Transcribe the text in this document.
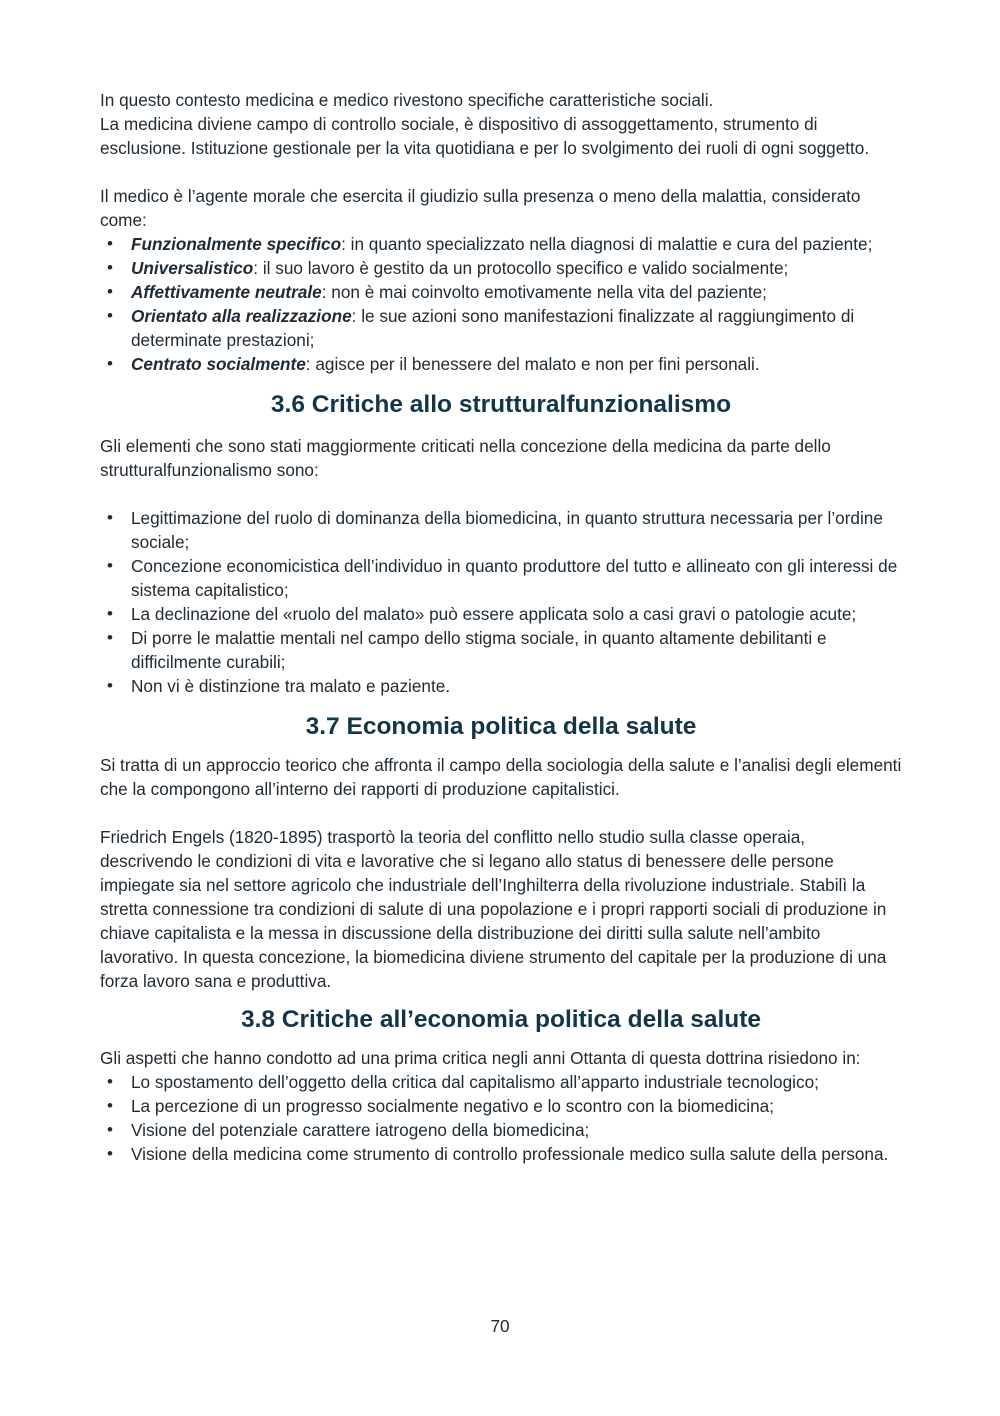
In questo contesto medicina e medico rivestono specifiche caratteristiche sociali.

La medicina diviene campo di controllo sociale, è dispositivo di assoggettamento, strumento di esclusione. Istituzione gestionale per la vita quotidiana e per lo svolgimento dei ruoli di ogni soggetto.

Il medico è l’agente morale che esercita il giudizio sulla presenza o meno della malattia, considerato come:

• Funzionalmente specifico: in quanto specializzato nella diagnosi di malattie e cura del paziente;
• Universalistico: il suo lavoro è gestito da un protocollo specifico e valido socialmente;
• Affettivamente neutrale: non è mai coinvolto emotivamente nella vita del paziente;
• Orientato alla realizzazione: le sue azioni sono manifestazioni finalizzate al raggiungimento di determinate prestazioni;
• Centrato socialmente: agisce per il benessere del malato e non per fini personali.
3.6 Critiche allo strutturalfunzionalismo

Gli elementi che sono stati maggiormente criticati nella concezione della medicina da parte dello strutturalfunzionalismo sono:

• Legittimazione del ruolo di dominanza della biomedicina, in quanto struttura necessaria per l’ordine sociale;
• Concezione economicistica dell’individuo in quanto produttore del tutto e allineato con gli interessi de sistema capitalistico;
• La declinazione del «ruolo del malato» può essere applicata solo a casi gravi o patologie acute;
• Di porre le malattie mentali nel campo dello stigma sociale, in quanto altamente debilitanti e difficilmente curabili;
• Non vi è distinzione tra malato e paziente.
3.7 Economia politica della salute

Si tratta di un approccio teorico che affronta il campo della sociologia della salute e l’analisi degli elementi che la compongono all’interno dei rapporti di produzione capitalistici.

Friedrich Engels (1820-1895) trasportò la teoria del conflitto nello studio sulla classe operaia, descrivendo le condizioni di vita e lavorative che si legano allo status di benessere delle persone impiegate sia nel settore agricolo che industriale dell’Inghilterra della rivoluzione industriale. Stabilì la stretta connessione tra condizioni di salute di una popolazione e i propri rapporti sociali di produzione in chiave capitalista e la messa in discussione della distribuzione dei diritti sulla salute nell’ambito lavorativo. In questa concezione, la biomedicina diviene strumento del capitale per la produzione di una forza lavoro sana e produttiva.

3.8 Critiche all’economia politica della salute

Gli aspetti che hanno condotto ad una prima critica negli anni Ottanta di questa dottrina risiedono in:

• Lo spostamento dell’oggetto della critica dal capitalismo all’apparto industriale tecnologico;
• La percezione di un progresso socialmente negativo e lo scontro con la biomedicina;
• Visione del potenziale carattere iatrogeno della biomedicina;
• Visione della medicina come strumento di controllo professionale medico sulla salute della persona.
70
